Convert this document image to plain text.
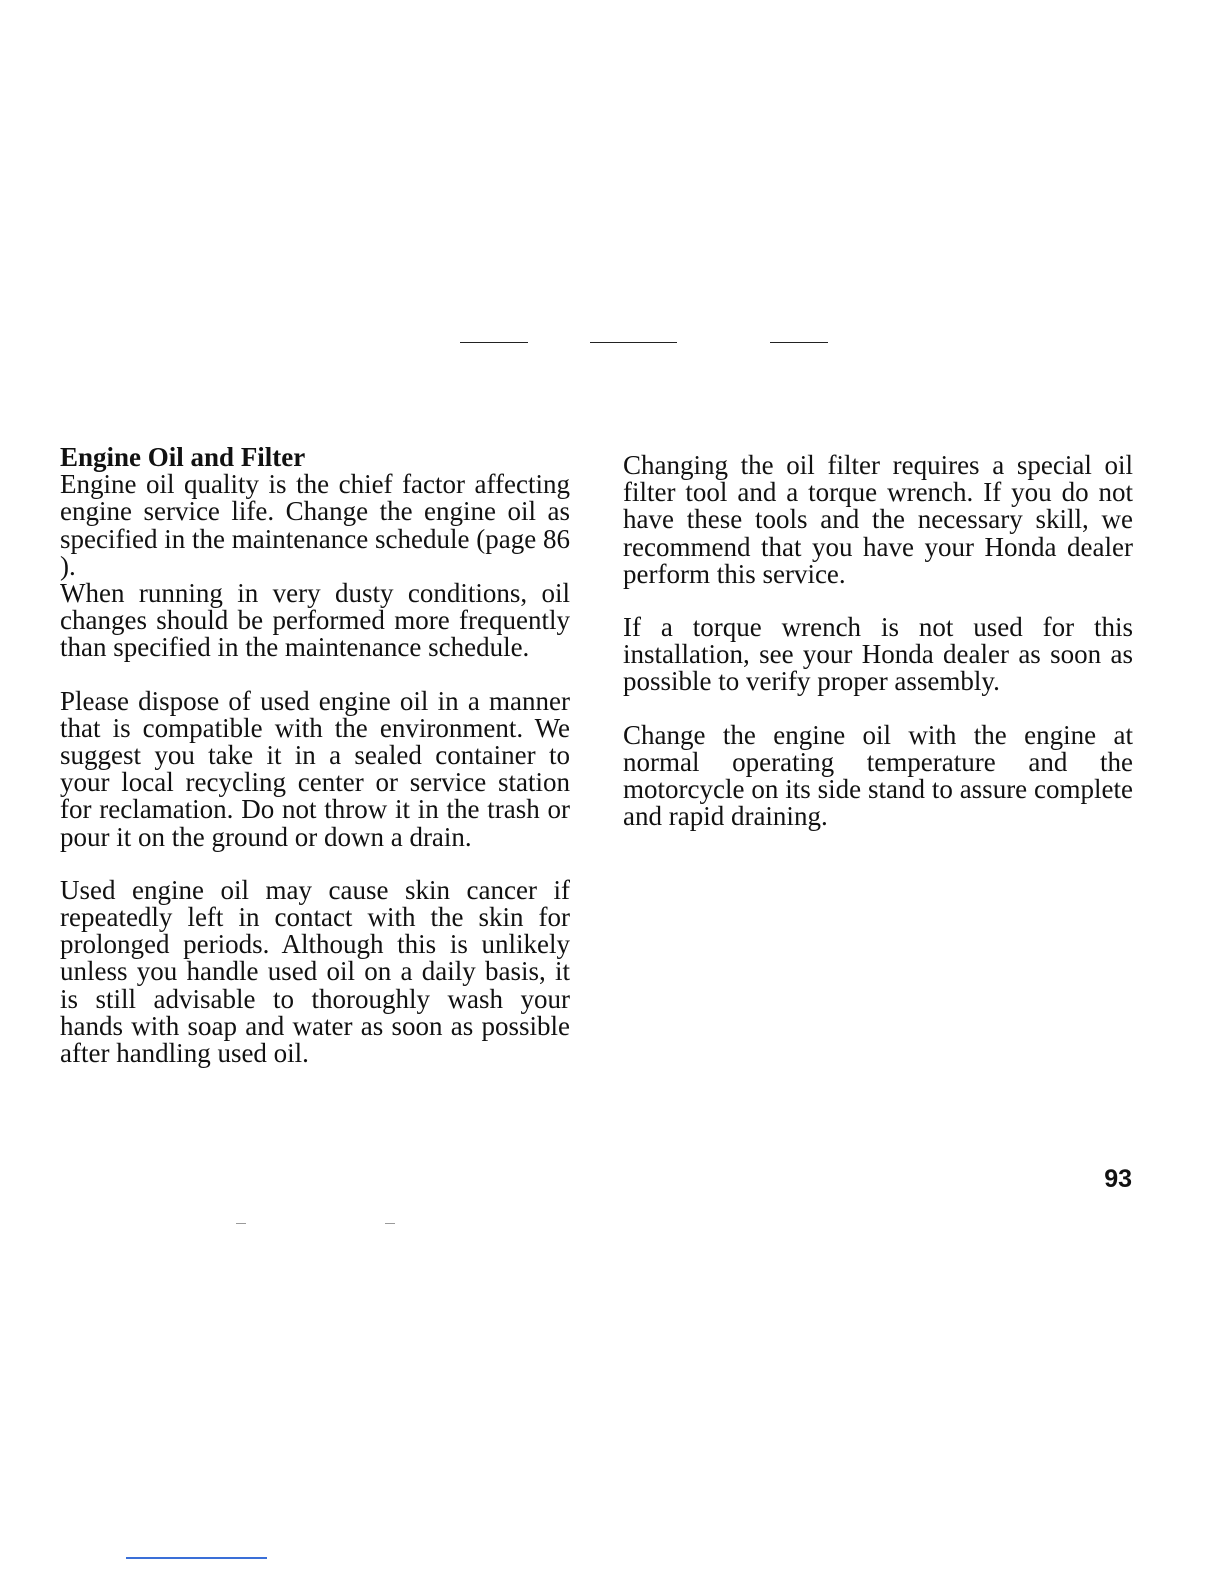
Engine Oil and Filter

Engine oil quality is the chief factor affecting engine service life. Change the engine oil as specified in the maintenance schedule (page 86 ).

When running in very dusty conditions, oil changes should be performed more frequently than specified in the maintenance schedule.

Please dispose of used engine oil in a manner that is compatible with the environment. We suggest you take it in a sealed container to your local recycling center or service station for reclamation. Do not throw it in the trash or pour it on the ground or down a drain.

Used engine oil may cause skin cancer if repeatedly left in contact with the skin for prolonged periods. Although this is unlikely unless you handle used oil on a daily basis, it is still advisable to thoroughly wash your hands with soap and water as soon as possible after handling used oil.

Changing the oil filter requires a special oil filter tool and a torque wrench. If you do not have these tools and the necessary skill, we recommend that you have your Honda dealer perform this service.

If a torque wrench is not used for this installation, see your Honda dealer as soon as possible to verify proper assembly.

Change the engine oil with the engine at normal operating temperature and the motorcycle on its side stand to assure complete and rapid draining.

93
